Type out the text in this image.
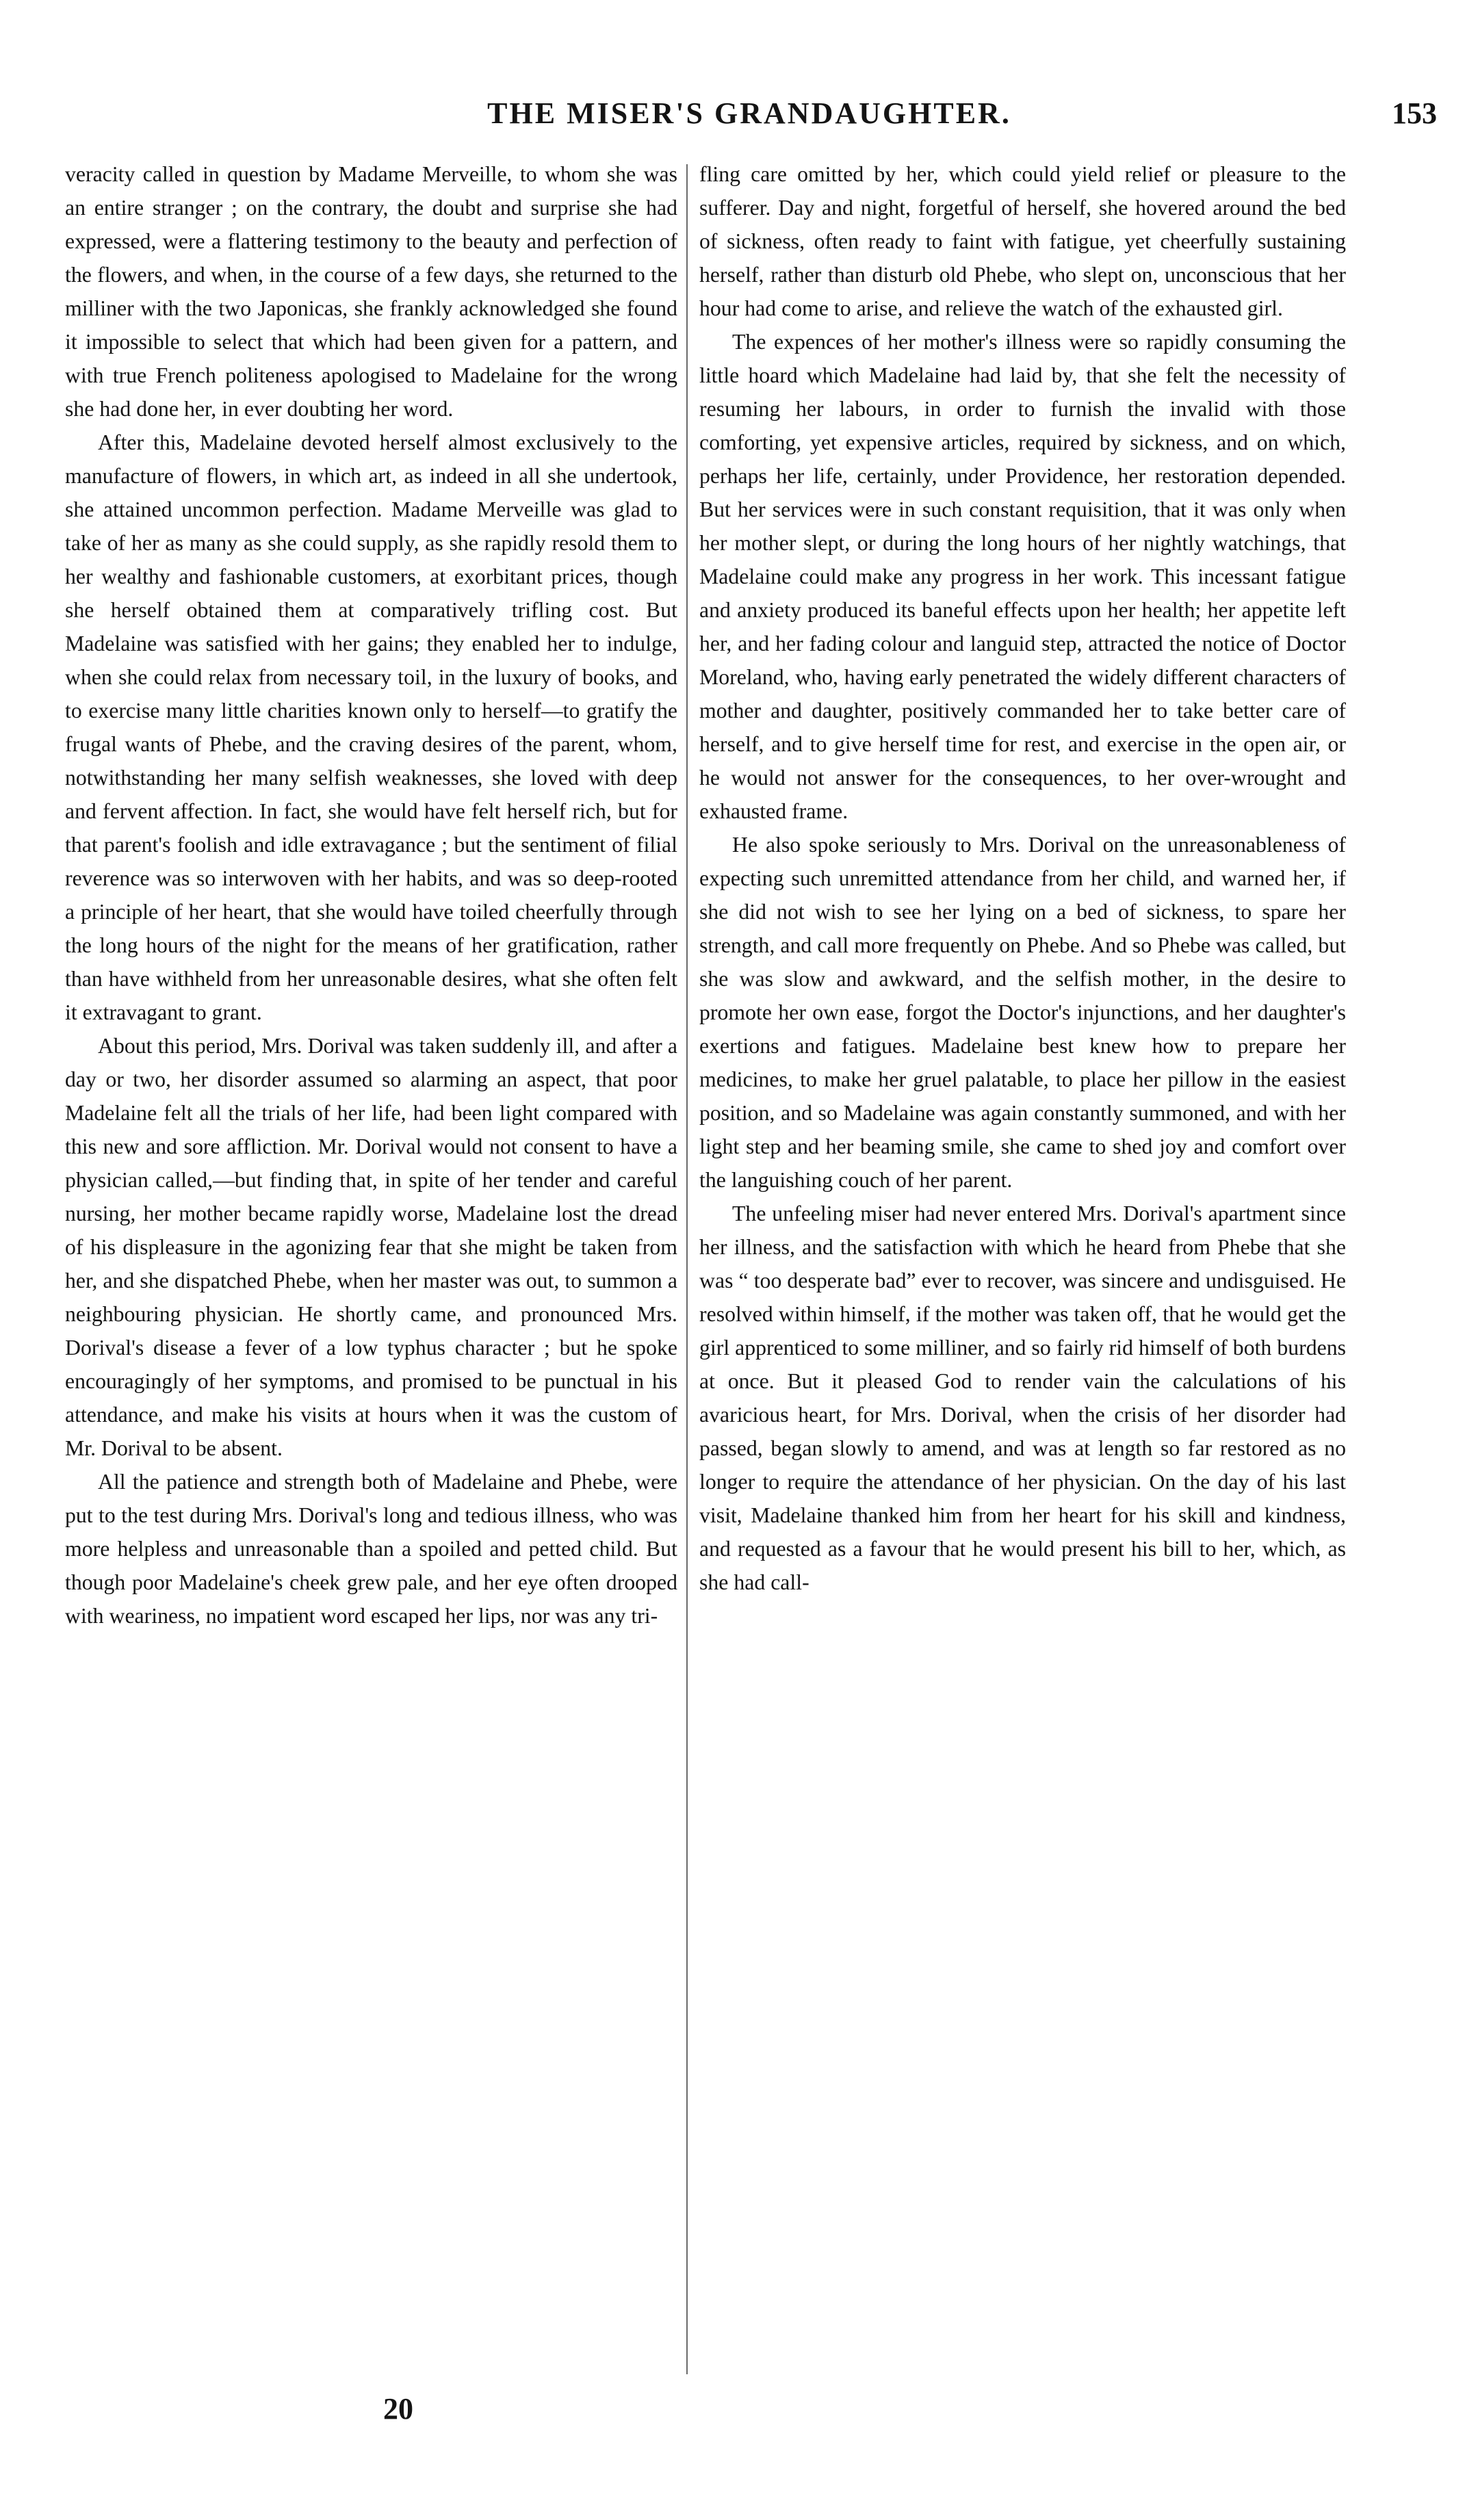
THE MISER'S GRANDAUGHTER.	153

veracity called in question by Madame Merveille, to whom she was an entire stranger ; on the contrary, the doubt and surprise she had expressed, were a flattering testimony to the beauty and perfection of the flowers, and when, in the course of a few days, she returned to the milliner with the two Japonicas, she frankly acknowledged she found it impossible to select that which had been given for a pattern, and with true French politeness apologised to Madelaine for the wrong she had done her, in ever doubting her word.

After this, Madelaine devoted herself almost exclusively to the manufacture of flowers, in which art, as indeed in all she undertook, she attained uncommon perfection. Madame Merveille was glad to take of her as many as she could supply, as she rapidly resold them to her wealthy and fashionable customers, at exorbitant prices, though she herself obtained them at comparatively trifling cost. But Madelaine was satisfied with her gains; they enabled her to indulge, when she could relax from necessary toil, in the luxury of books, and to exercise many little charities known only to herself—to gratify the frugal wants of Phebe, and the craving desires of the parent, whom, notwithstanding her many selfish weaknesses, she loved with deep and fervent affection. In fact, she would have felt herself rich, but for that parent's foolish and idle extravagance ; but the sentiment of filial reverence was so interwoven with her habits, and was so deep-rooted a principle of her heart, that she would have toiled cheerfully through the long hours of the night for the means of her gratification, rather than have withheld from her unreasonable desires, what she often felt it extravagant to grant.

About this period, Mrs. Dorival was taken suddenly ill, and after a day or two, her disorder assumed so alarming an aspect, that poor Madelaine felt all the trials of her life, had been light compared with this new and sore affliction. Mr. Dorival would not consent to have a physician called,—but finding that, in spite of her tender and careful nursing, her mother became rapidly worse, Madelaine lost the dread of his displeasure in the agonizing fear that she might be taken from her, and she dispatched Phebe, when her master was out, to summon a neighbouring physician. He shortly came, and pronounced Mrs. Dorival's disease a fever of a low typhus character ; but he spoke encouragingly of her symptoms, and promised to be punctual in his attendance, and make his visits at hours when it was the custom of Mr. Dorival to be absent.

All the patience and strength both of Madelaine and Phebe, were put to the test during Mrs. Dorival's long and tedious illness, who was more helpless and unreasonable than a spoiled and petted child. But though poor Madelaine's cheek grew pale, and her eye often drooped with weariness, no impatient word escaped her lips, nor was any tri-

fling care omitted by her, which could yield relief or pleasure to the sufferer. Day and night, forgetful of herself, she hovered around the bed of sickness, often ready to faint with fatigue, yet cheerfully sustaining herself, rather than disturb old Phebe, who slept on, unconscious that her hour had come to arise, and relieve the watch of the exhausted girl.

The expences of her mother's illness were so rapidly consuming the little hoard which Madelaine had laid by, that she felt the necessity of resuming her labours, in order to furnish the invalid with those comforting, yet expensive articles, required by sickness, and on which, perhaps her life, certainly, under Providence, her restoration depended. But her services were in such constant requisition, that it was only when her mother slept, or during the long hours of her nightly watchings, that Madelaine could make any progress in her work. This incessant fatigue and anxiety produced its baneful effects upon her health; her appetite left her, and her fading colour and languid step, attracted the notice of Doctor Moreland, who, having early penetrated the widely different characters of mother and daughter, positively commanded her to take better care of herself, and to give herself time for rest, and exercise in the open air, or he would not answer for the consequences, to her over-wrought and exhausted frame.

He also spoke seriously to Mrs. Dorival on the unreasonableness of expecting such unremitted attendance from her child, and warned her, if she did not wish to see her lying on a bed of sickness, to spare her strength, and call more frequently on Phebe. And so Phebe was called, but she was slow and awkward, and the selfish mother, in the desire to promote her own ease, forgot the Doctor's injunctions, and her daughter's exertions and fatigues. Madelaine best knew how to prepare her medicines, to make her gruel palatable, to place her pillow in the easiest position, and so Madelaine was again constantly summoned, and with her light step and her beaming smile, she came to shed joy and comfort over the languishing couch of her parent.

The unfeeling miser had never entered Mrs. Dorival's apartment since her illness, and the satisfaction with which he heard from Phebe that she was “ too desperate bad” ever to recover, was sincere and undisguised. He resolved within himself, if the mother was taken off, that he would get the girl apprenticed to some milliner, and so fairly rid himself of both burdens at once. But it pleased God to render vain the calculations of his avaricious heart, for Mrs. Dorival, when the crisis of her disorder had passed, began slowly to amend, and was at length so far restored as no longer to require the attendance of her physician. On the day of his last visit, Madelaine thanked him from her heart for his skill and kindness, and requested as a favour that he would present his bill to her, which, as she had call-

20
